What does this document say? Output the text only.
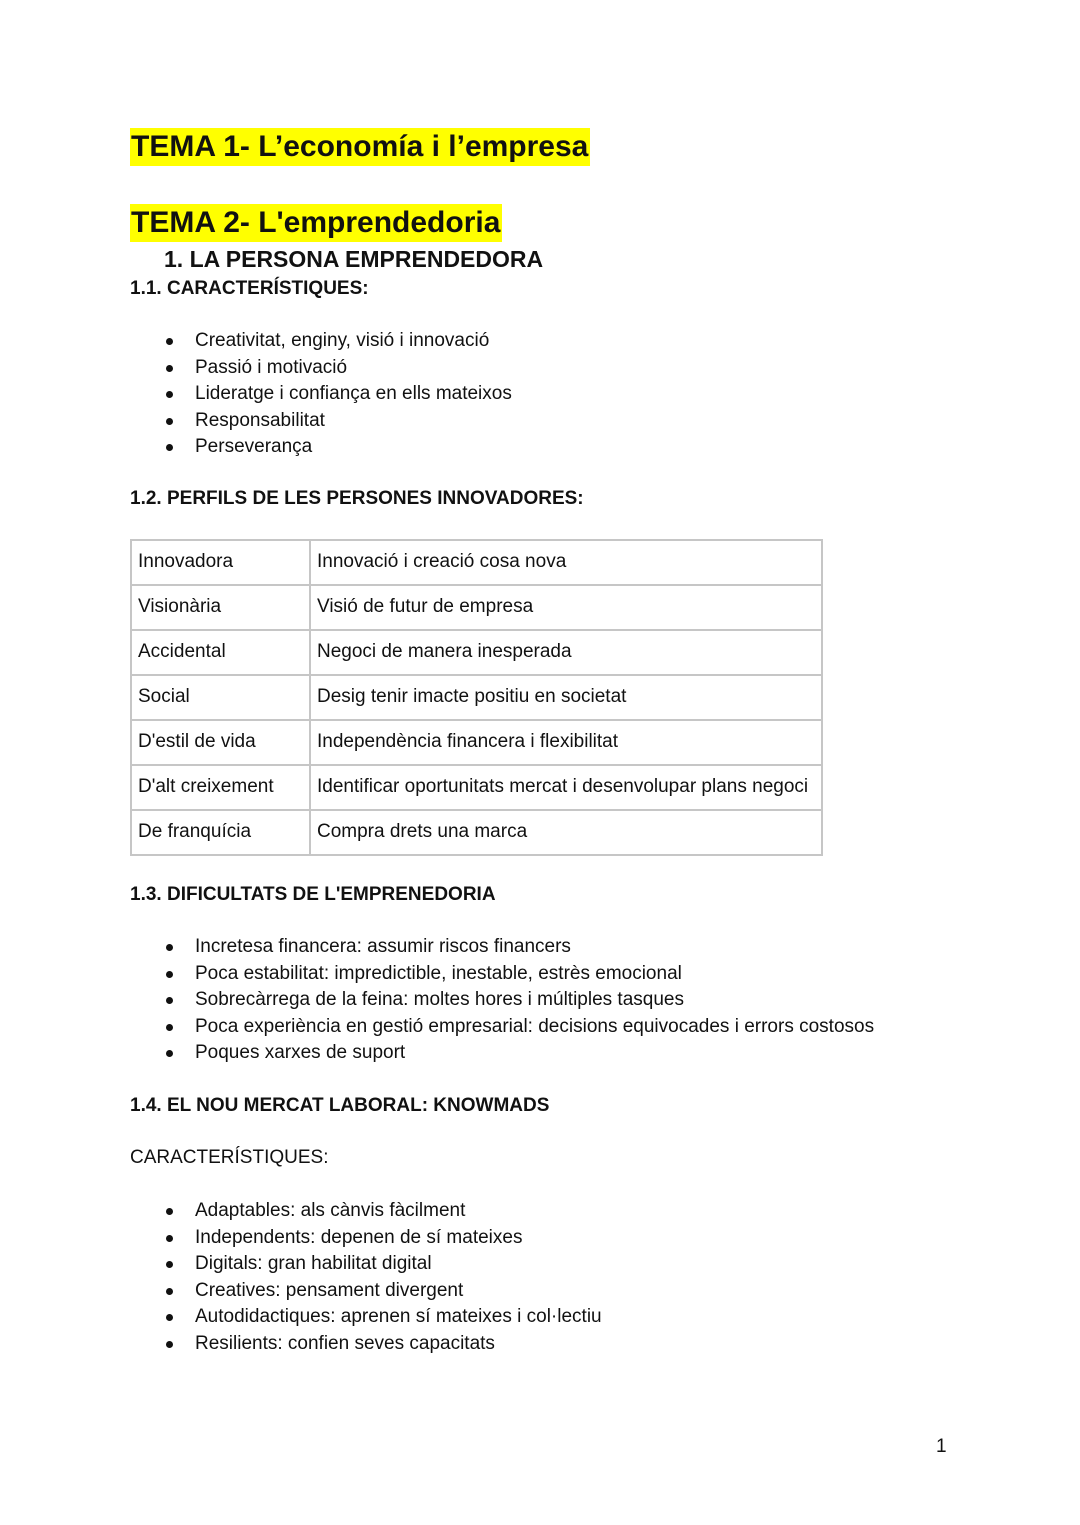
TEMA 1- L’economía i l’empresa
TEMA 2- L'emprendedoria
1. LA PERSONA EMPRENDEDORA
1.1. CARACTERÍSTIQUES:
Creativitat, enginy, visió i innovació
Passió i motivació
Lideratge i confiança en ells mateixos
Responsabilitat
Perseverança
1.2. PERFILS DE LES PERSONES INNOVADORES:
Innovadora	Innovació i creació cosa nova
Visionària	Visió de futur de empresa
Accidental	Negoci de manera inesperada
Social	Desig tenir imacte positiu en societat
D'estil de vida	Independència financera i flexibilitat
D'alt creixement	Identificar oportunitats mercat i desenvolupar plans negoci
De franquícia	Compra drets una marca
1.3. DIFICULTATS DE L'EMPRENEDORIA
Incretesa financera: assumir riscos financers
Poca estabilitat: impredictible, inestable, estrès emocional
Sobrecàrrega de la feina: moltes hores i múltiples tasques
Poca experiència en gestió empresarial: decisions equivocades i errors costosos
Poques xarxes de suport
1.4. EL NOU MERCAT LABORAL: KNOWMADS
CARACTERÍSTIQUES:
Adaptables: als cànvis fàcilment
Independents: depenen de sí mateixes
Digitals: gran habilitat digital
Creatives: pensament divergent
Autodidactiques: aprenen sí mateixes i col·lectiu
Resilients: confien seves capacitats
1
